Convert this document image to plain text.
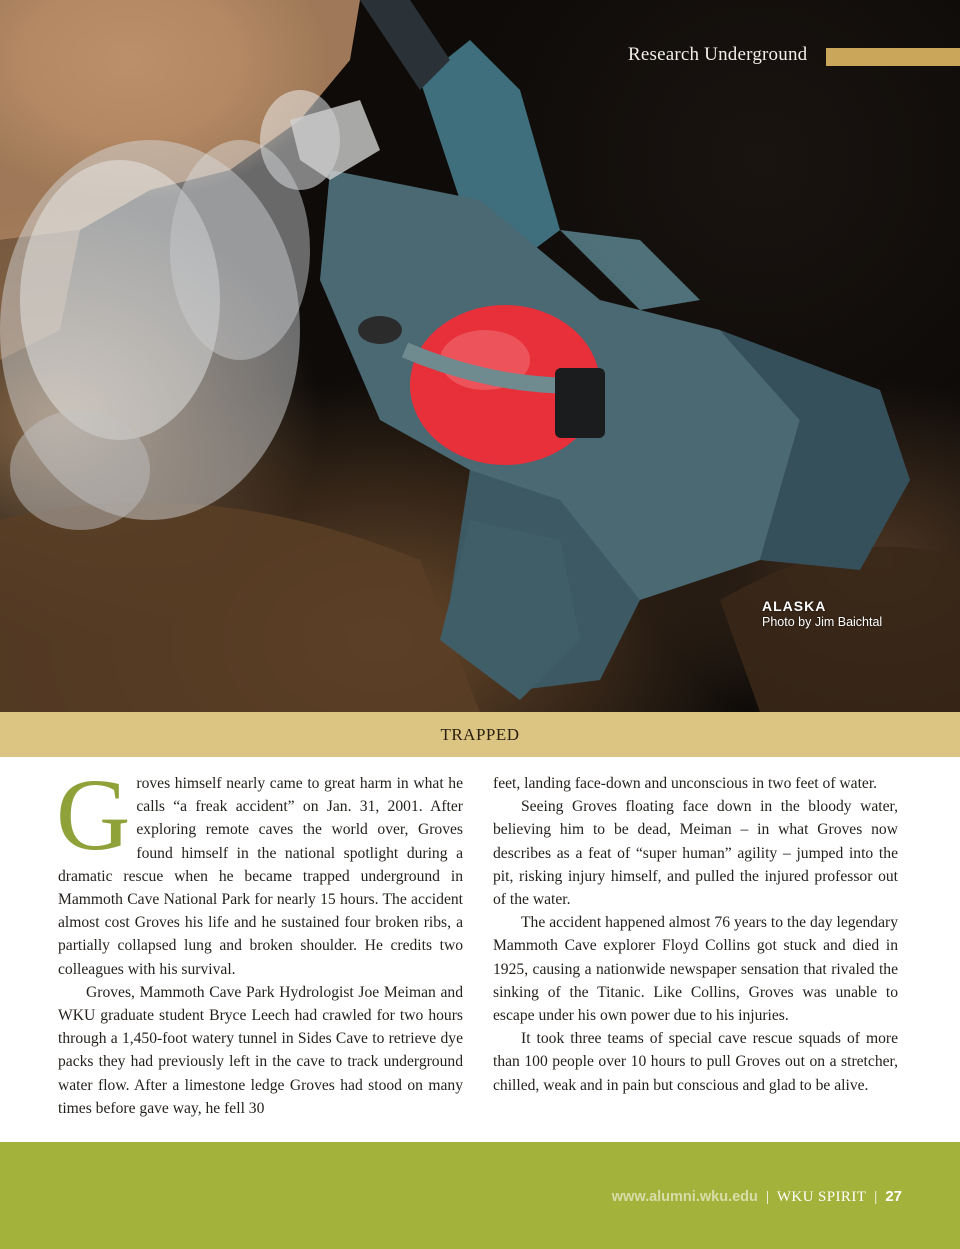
Research Underground
ALASKA
Photo by Jim Baichtal
TRAPPED

Groves himself nearly came to great harm in what he calls “a freak accident” on Jan. 31, 2001. After exploring remote caves the world over, Groves found himself in the national spotlight during a dramatic rescue when he became trapped underground in Mammoth Cave National Park for nearly 15 hours. The accident almost cost Groves his life and he sustained four broken ribs, a partially collapsed lung and broken shoulder. He credits two colleagues with his survival.

Groves, Mammoth Cave Park Hydrologist Joe Meiman and WKU graduate student Bryce Leech had crawled for two hours through a 1,450-foot watery tunnel in Sides Cave to retrieve dye packs they had previously left in the cave to track underground water flow. After a limestone ledge Groves had stood on many times before gave way, he fell 30

feet, landing face-down and unconscious in two feet of water.

Seeing Groves floating face down in the bloody water, believing him to be dead, Meiman – in what Groves now describes as a feat of “super human” agility – jumped into the pit, risking injury himself, and pulled the injured professor out of the water.

The accident happened almost 76 years to the day legendary Mammoth Cave explorer Floyd Collins got stuck and died in 1925, causing a nationwide newspaper sensation that rivaled the sinking of the Titanic. Like Collins, Groves was unable to escape under his own power due to his injuries.

It took three teams of special cave rescue squads of more than 100 people over 10 hours to pull Groves out on a stretcher, chilled, weak and in pain but conscious and glad to be alive.

www.alumni.wku.edu | WKU SPIRIT | 27
